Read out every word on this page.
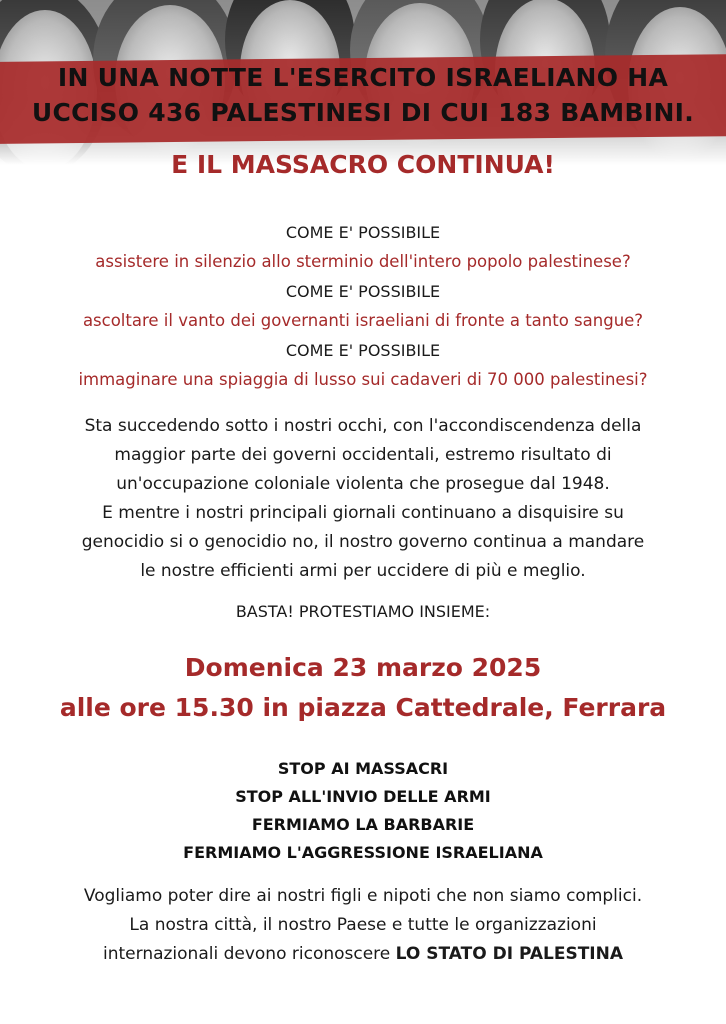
IN UNA NOTTE L'ESERCITO ISRAELIANO HA
UCCISO 436 PALESTINESI DI CUI 183 BAMBINI.
E IL MASSACRO CONTINUA!
COME E' POSSIBILE
assistere in silenzio allo sterminio dell'intero popolo palestinese?
COME E' POSSIBILE
ascoltare il vanto dei governanti israeliani di fronte a tanto sangue?
COME E' POSSIBILE
immaginare una spiaggia di lusso sui cadaveri di 70 000 palestinesi?
Sta succedendo sotto i nostri occhi, con l'accondiscendenza della
maggior parte dei governi occidentali, estremo risultato di
un'occupazione coloniale violenta che prosegue dal 1948.
E mentre i nostri principali giornali continuano a disquisire su
genocidio si o genocidio no, il nostro governo continua a mandare
le nostre efficienti armi per uccidere di più e meglio.
BASTA! PROTESTIAMO INSIEME:
Domenica 23 marzo 2025
alle ore 15.30 in piazza Cattedrale, Ferrara
STOP AI MASSACRI
STOP ALL'INVIO DELLE ARMI
FERMIAMO LA BARBARIE
FERMIAMO L'AGGRESSIONE ISRAELIANA
Vogliamo poter dire ai nostri figli e nipoti che non siamo complici.
La nostra città, il nostro Paese e tutte le organizzazioni
internazionali devono riconoscere LO STATO DI PALESTINA
